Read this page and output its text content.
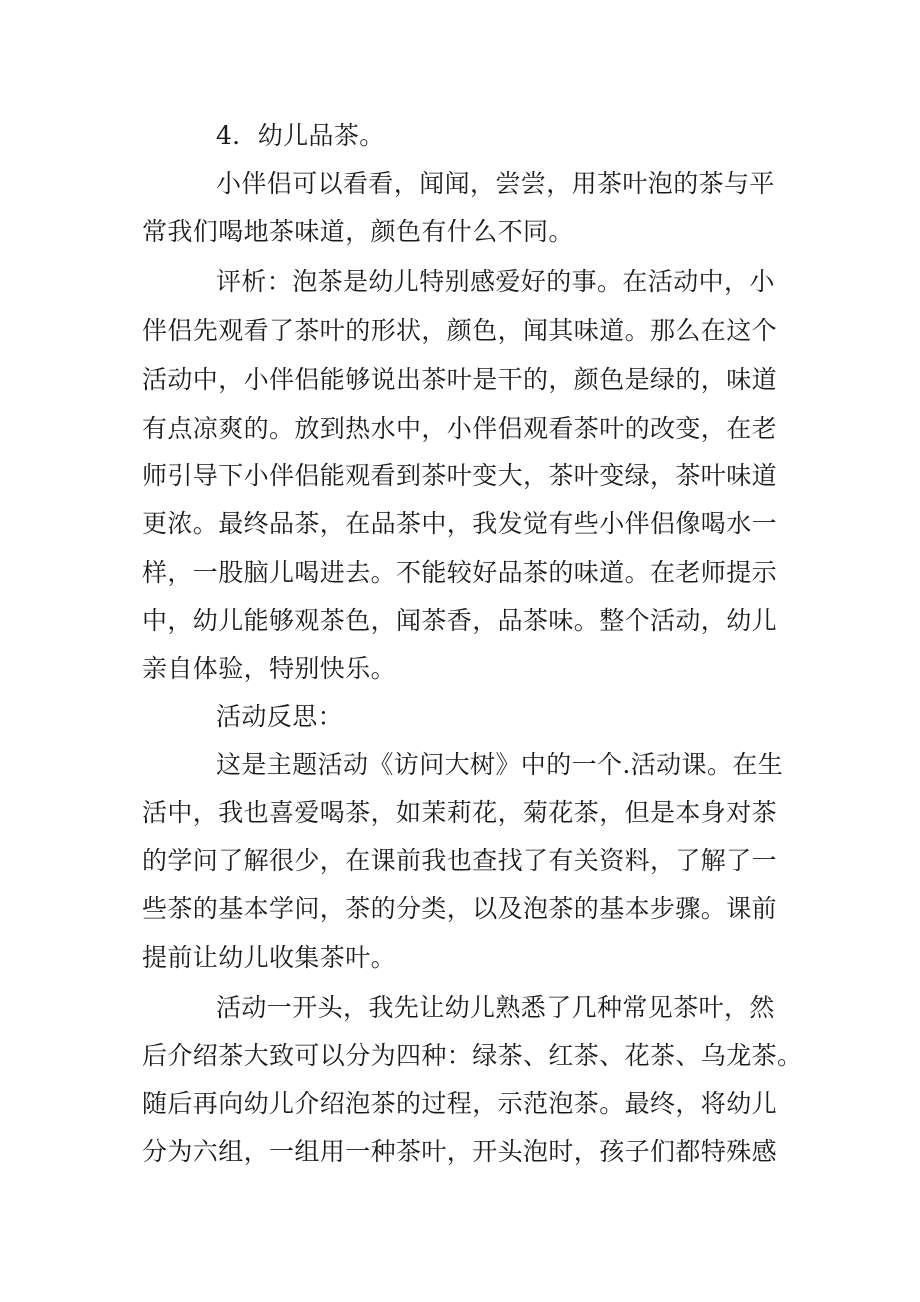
4．幼儿品茶。
小伴侣可以看看，闻闻，尝尝，用茶叶泡的茶与平
常我们喝地茶味道，颜色有什么不同。
评析：泡茶是幼儿特别感爱好的事。在活动中，小
伴侣先观看了茶叶的形状，颜色，闻其味道。那么在这个
活动中，小伴侣能够说出茶叶是干的，颜色是绿的，味道
有点凉爽的。放到热水中，小伴侣观看茶叶的改变，在老
师引导下小伴侣能观看到茶叶变大，茶叶变绿，茶叶味道
更浓。最终品茶，在品茶中，我发觉有些小伴侣像喝水一
样，一股脑儿喝进去。不能较好品茶的味道。在老师提示
中，幼儿能够观茶色，闻茶香，品茶味。整个活动，幼儿
亲自体验，特别快乐。
活动反思：
这是主题活动《访问大树》中的一个.活动课。在生
活中，我也喜爱喝茶，如茉莉花，菊花茶，但是本身对茶
的学问了解很少，在课前我也查找了有关资料，了解了一
些茶的基本学问，茶的分类，以及泡茶的基本步骤。课前
提前让幼儿收集茶叶。
活动一开头，我先让幼儿熟悉了几种常见茶叶，然
后介绍茶大致可以分为四种：绿茶、红茶、花茶、乌龙茶。
随后再向幼儿介绍泡茶的过程，示范泡茶。最终，将幼儿
分为六组，一组用一种茶叶，开头泡时，孩子们都特殊感
